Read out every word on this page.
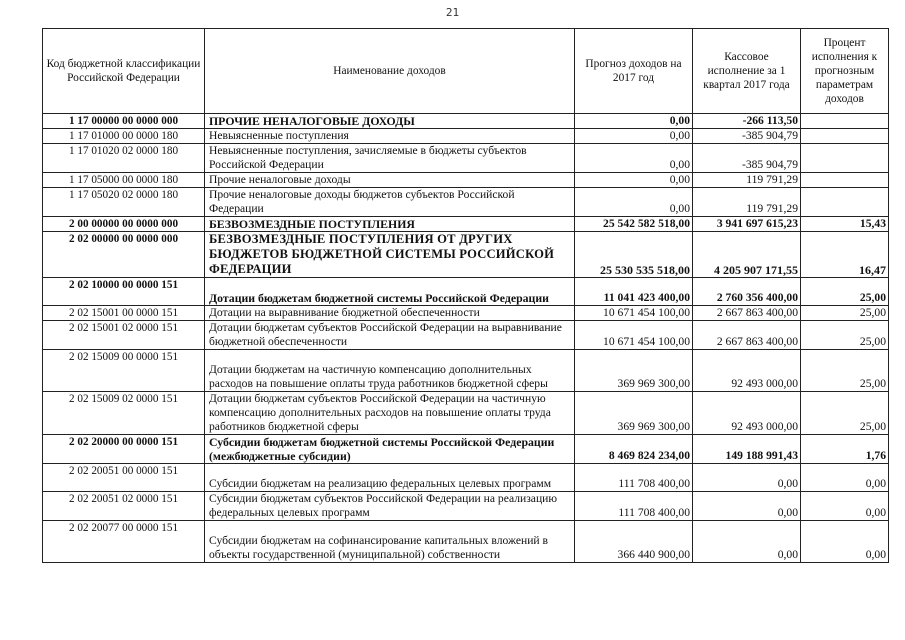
21
Код бюджетной классификации Российской Федерации	Наименование доходов	Прогноз доходов на 2017 год	Кассовое исполнение за 1 квартал 2017 года	Процент исполнения к прогнозным параметрам доходов
1 17 00000 00 0000 000	ПРОЧИЕ НЕНАЛОГОВЫЕ ДОХОДЫ	0,00	-266 113,50	
1 17 01000 00 0000 180	Невыясненные поступления	0,00	-385 904,79	
1 17 01020 02 0000 180	Невыясненные поступления, зачисляемые в бюджеты субъектов Российской Федерации	0,00	-385 904,79	
1 17 05000 00 0000 180	Прочие неналоговые доходы	0,00	119 791,29	
1 17 05020 02 0000 180	Прочие неналоговые доходы бюджетов субъектов Российской Федерации	0,00	119 791,29	
2 00 00000 00 0000 000	БЕЗВОЗМЕЗДНЫЕ ПОСТУПЛЕНИЯ	25 542 582 518,00	3 941 697 615,23	15,43
2 02 00000 00 0000 000	БЕЗВОЗМЕЗДНЫЕ ПОСТУПЛЕНИЯ ОТ ДРУГИХ БЮДЖЕТОВ БЮДЖЕТНОЙ СИСТЕМЫ РОССИЙСКОЙ ФЕДЕРАЦИИ	25 530 535 518,00	4 205 907 171,55	16,47
2 02 10000 00 0000 151	Дотации бюджетам бюджетной системы Российской Федерации	11 041 423 400,00	2 760 356 400,00	25,00
2 02 15001 00 0000 151	Дотации на выравнивание бюджетной обеспеченности	10 671 454 100,00	2 667 863 400,00	25,00
2 02 15001 02 0000 151	Дотации бюджетам субъектов Российской Федерации на выравнивание бюджетной обеспеченности	10 671 454 100,00	2 667 863 400,00	25,00
2 02 15009 00 0000 151	Дотации бюджетам на частичную компенсацию дополнительных расходов на повышение оплаты труда работников бюджетной сферы	369 969 300,00	92 493 000,00	25,00
2 02 15009 02 0000 151	Дотации бюджетам субъектов Российской Федерации на частичную компенсацию дополнительных расходов на повышение оплаты труда работников бюджетной сферы	369 969 300,00	92 493 000,00	25,00
2 02 20000 00 0000 151	Субсидии бюджетам бюджетной системы Российской Федерации (межбюджетные субсидии)	8 469 824 234,00	149 188 991,43	1,76
2 02 20051 00 0000 151	Субсидии бюджетам на реализацию федеральных целевых программ	111 708 400,00	0,00	0,00
2 02 20051 02 0000 151	Субсидии бюджетам субъектов Российской Федерации на реализацию федеральных целевых программ	111 708 400,00	0,00	0,00
2 02 20077 00 0000 151	Субсидии бюджетам на софинансирование капитальных вложений в объекты государственной (муниципальной) собственности	366 440 900,00	0,00	0,00
